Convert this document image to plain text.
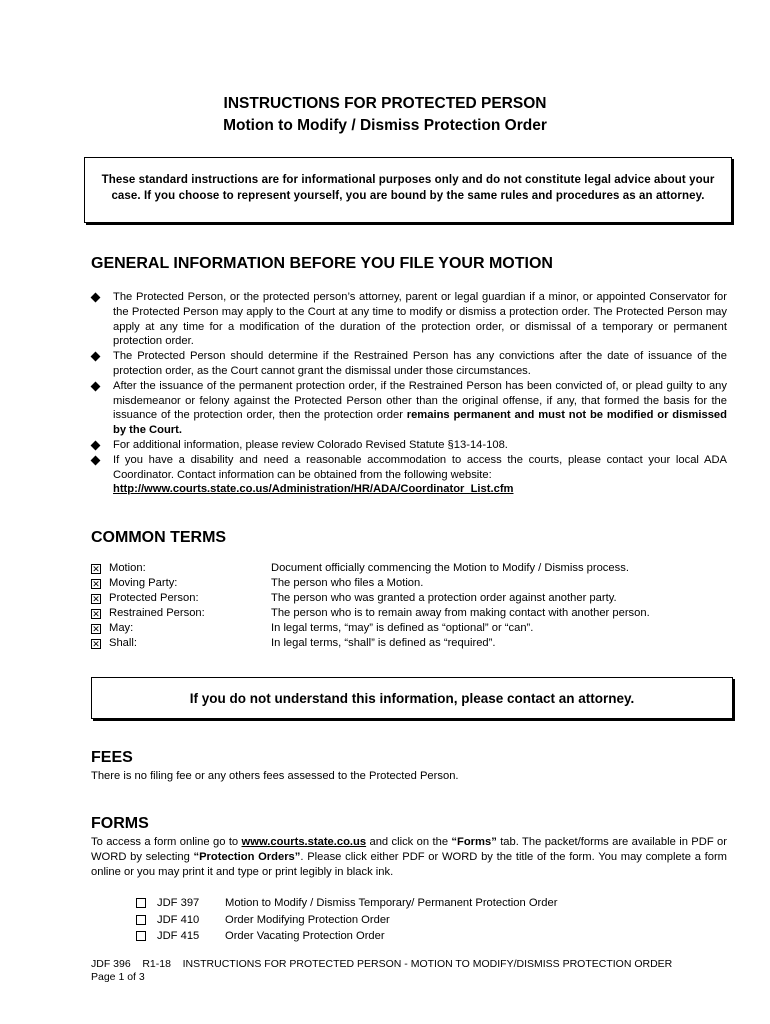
INSTRUCTIONS FOR PROTECTED PERSON
Motion to Modify / Dismiss Protection Order
These standard instructions are for informational purposes only and do not constitute legal advice about your case. If you choose to represent yourself, you are bound by the same rules and procedures as an attorney.
GENERAL INFORMATION BEFORE YOU FILE YOUR MOTION
The Protected Person, or the protected person’s attorney, parent or legal guardian if a minor, or appointed Conservator for the Protected Person may apply to the Court at any time to modify or dismiss a protection order. The Protected Person may apply at any time for a modification of the duration of the protection order, or dismissal of a temporary or permanent protection order.
The Protected Person should determine if the Restrained Person has any convictions after the date of issuance of the protection order, as the Court cannot grant the dismissal under those circumstances.
After the issuance of the permanent protection order, if the Restrained Person has been convicted of, or plead guilty to any misdemeanor or felony against the Protected Person other than the original offense, if any, that formed the basis for the issuance of the protection order, then the protection order remains permanent and must not be modified or dismissed by the Court.
For additional information, please review Colorado Revised Statute §13-14-108.
If you have a disability and need a reasonable accommodation to access the courts, please contact your local ADA Coordinator. Contact information can be obtained from the following website:
http://www.courts.state.co.us/Administration/HR/ADA/Coordinator_List.cfm
COMMON TERMS
✕ Motion:	Document officially commencing the Motion to Modify / Dismiss process.
✕ Moving Party:	The person who files a Motion.
✕ Protected Person:	The person who was granted a protection order against another party.
✕ Restrained Person:	The person who is to remain away from making contact with another person.
✕ May:	In legal terms, “may” is defined as “optional” or “can”.
✕ Shall:	In legal terms, “shall” is defined as “required”.
If you do not understand this information, please contact an attorney.
FEES

There is no filing fee or any others fees assessed to the Protected Person.

FORMS

To access a form online go to www.courts.state.co.us and click on the “Forms” tab. The packet/forms are available in PDF or WORD by selecting “Protection Orders”. Please click either PDF or WORD by the title of the form. You may complete a form online or you may print it and type or print legibly in black ink.

JDF 397	Motion to Modify / Dismiss Temporary/ Permanent Protection Order
JDF 410	Order Modifying Protection Order
JDF 415	Order Vacating Protection Order
JDF 396    R1-18    INSTRUCTIONS FOR PROTECTED PERSON - MOTION TO MODIFY/DISMISS PROTECTION ORDER
Page 1 of 3
